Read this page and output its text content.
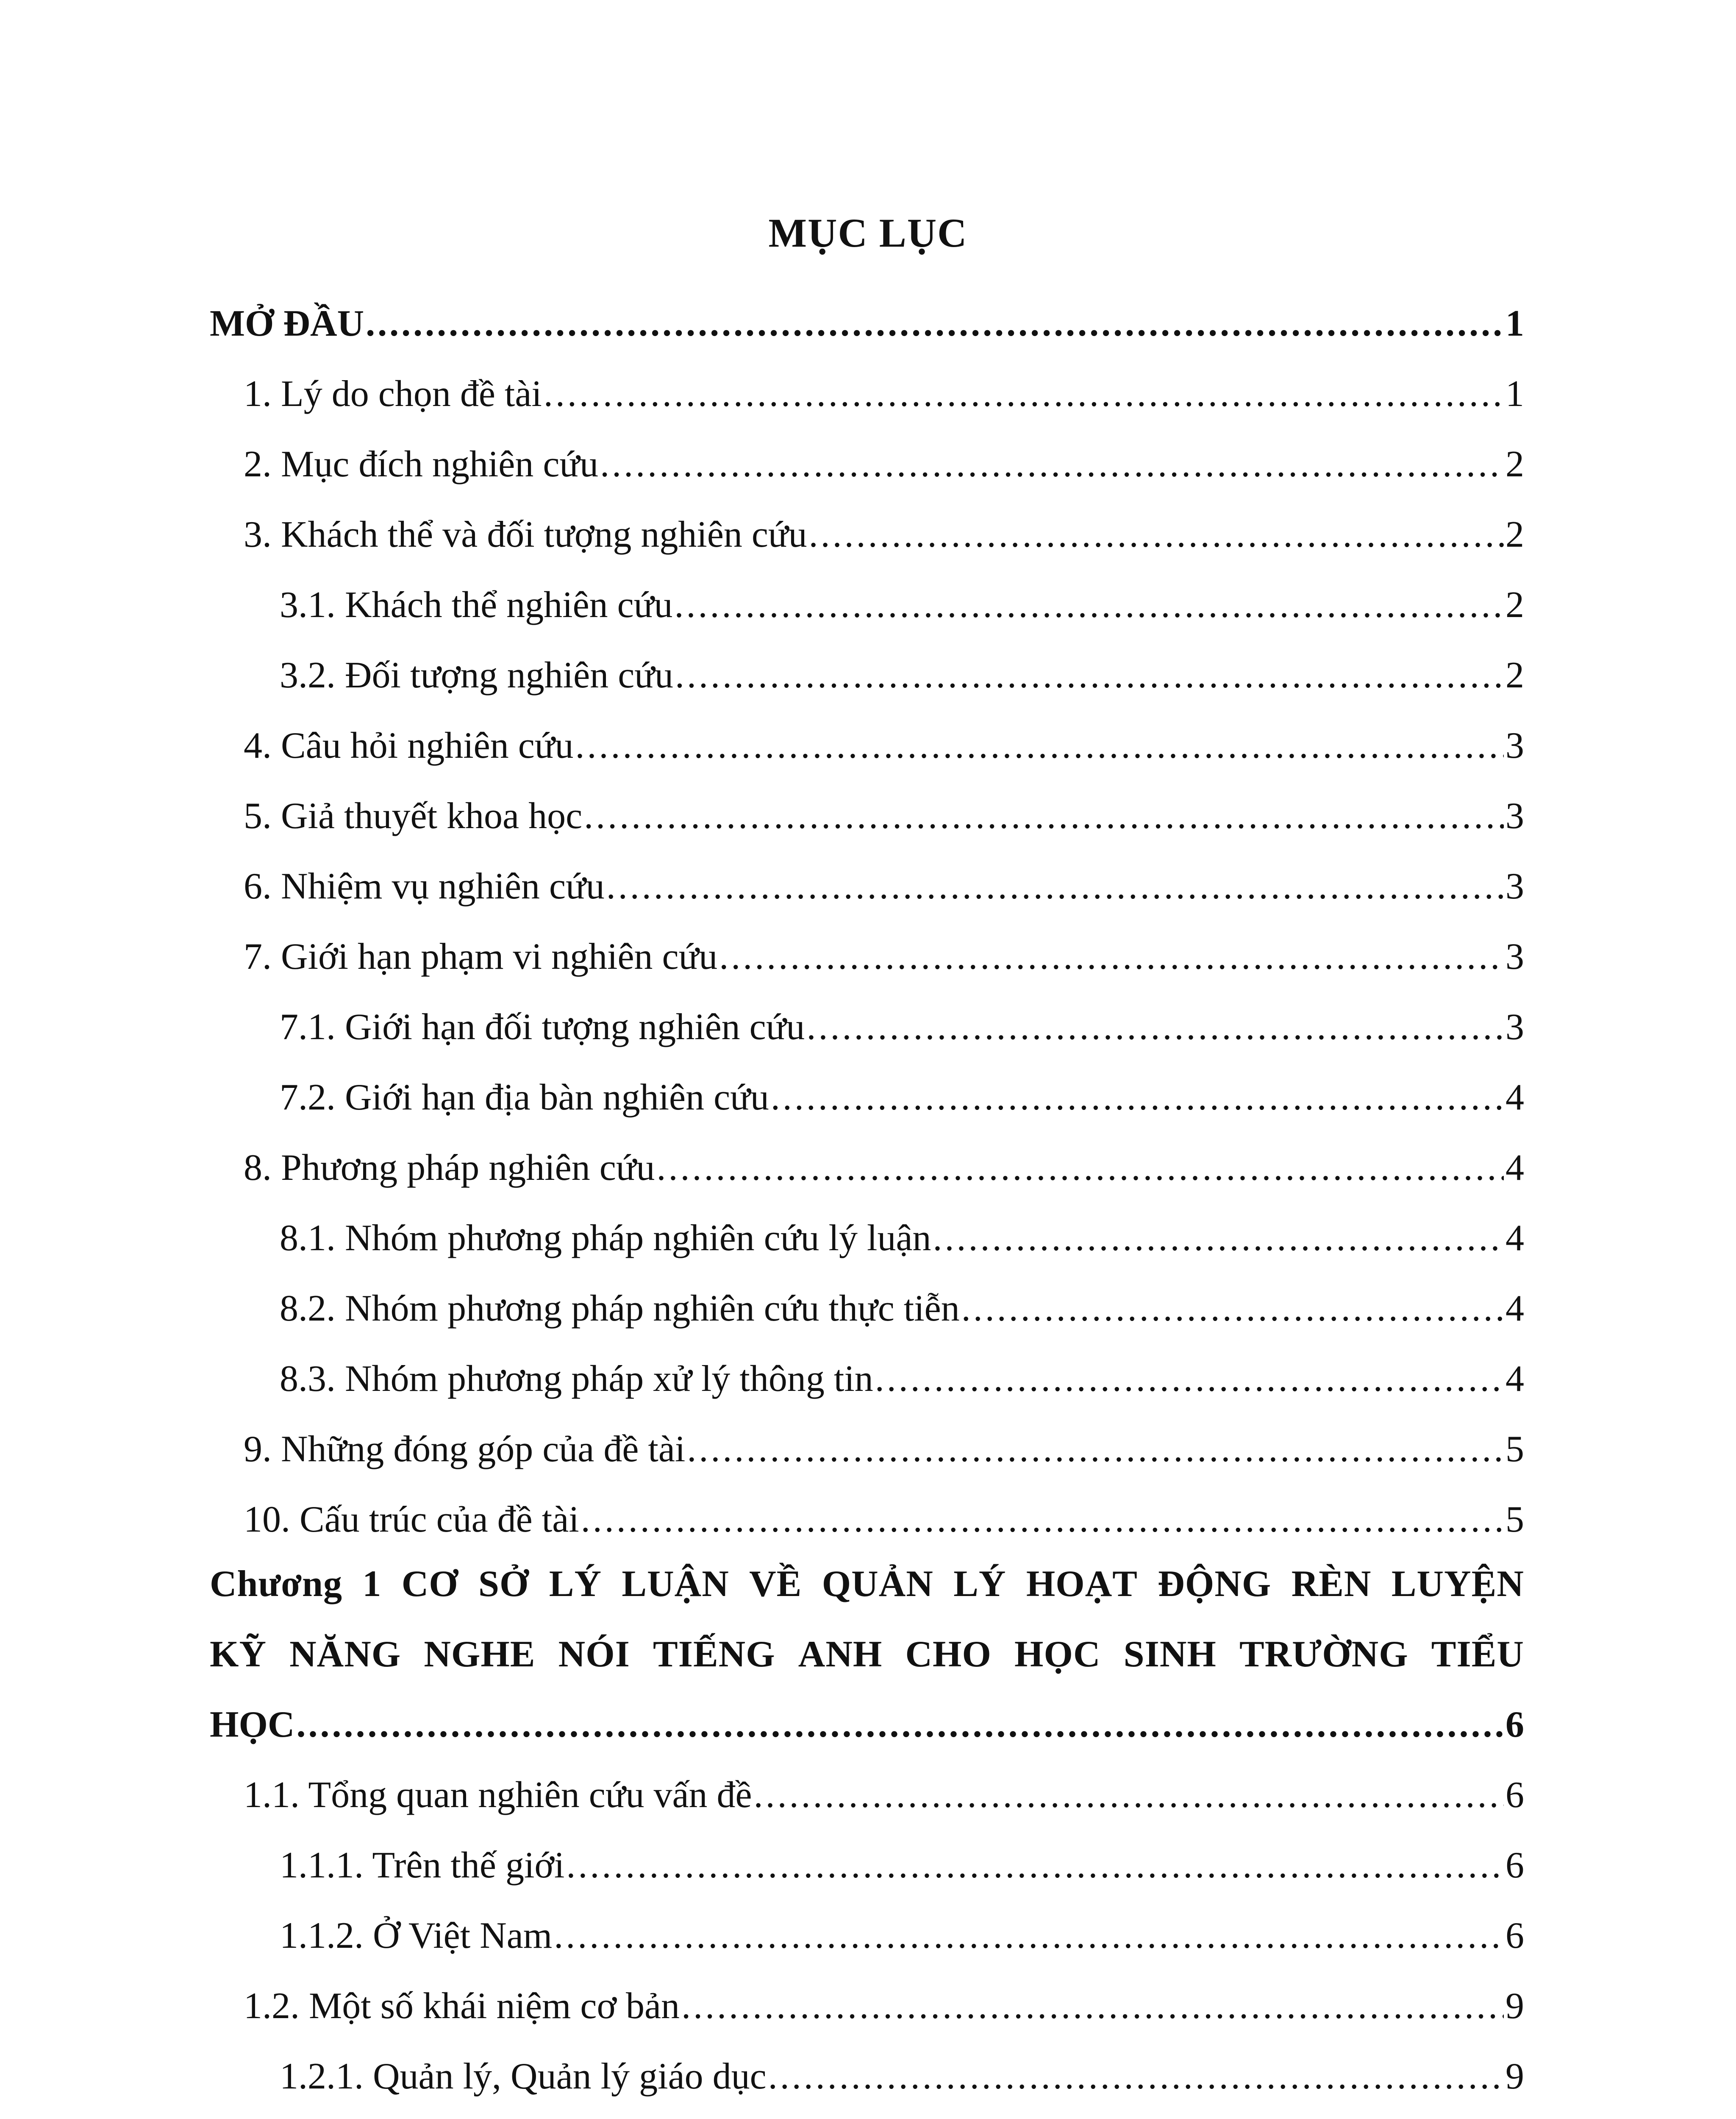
MỤC LỤC
MỞ ĐẦU . . .	1
1. Lý do chọn đề tài . . .	1
2. Mục đích nghiên cứu . . .	2
3. Khách thể và đối tượng nghiên cứu . . .	2
3.1. Khách thể nghiên cứu . . .	2
3.2. Đối tượng nghiên cứu . . .	2
4. Câu hỏi nghiên cứu . . .	3
5. Giả thuyết khoa học . . .	3
6. Nhiệm vụ nghiên cứu . . .	3
7. Giới hạn phạm vi nghiên cứu . . .	3
7.1. Giới hạn đối tượng nghiên cứu . . .	3
7.2. Giới hạn địa bàn nghiên cứu . . .	4
8. Phương pháp nghiên cứu . . .	4
8.1. Nhóm phương pháp nghiên cứu lý luận . . .	4
8.2. Nhóm phương pháp nghiên cứu thực tiễn . . .	4
8.3. Nhóm phương pháp xử lý thông tin . . .	4
9. Những đóng góp của đề tài . . .	5
10. Cấu trúc của đề tài . . .	5
Chương 1 CƠ SỞ LÝ LUẬN VỀ QUẢN LÝ HOẠT ĐỘNG RÈN LUYỆN
KỸ NĂNG NGHE NÓI TIẾNG ANH CHO HỌC SINH TRƯỜNG TIỂU
HỌC . . .	6
1.1. Tổng quan nghiên cứu vấn đề . . .	6
1.1.1. Trên thế giới . . .	6
1.1.2. Ở Việt Nam . . .	6
1.2. Một số khái niệm cơ bản . . .	9
1.2.1. Quản lý, Quản lý giáo dục . . .	9
. . .
